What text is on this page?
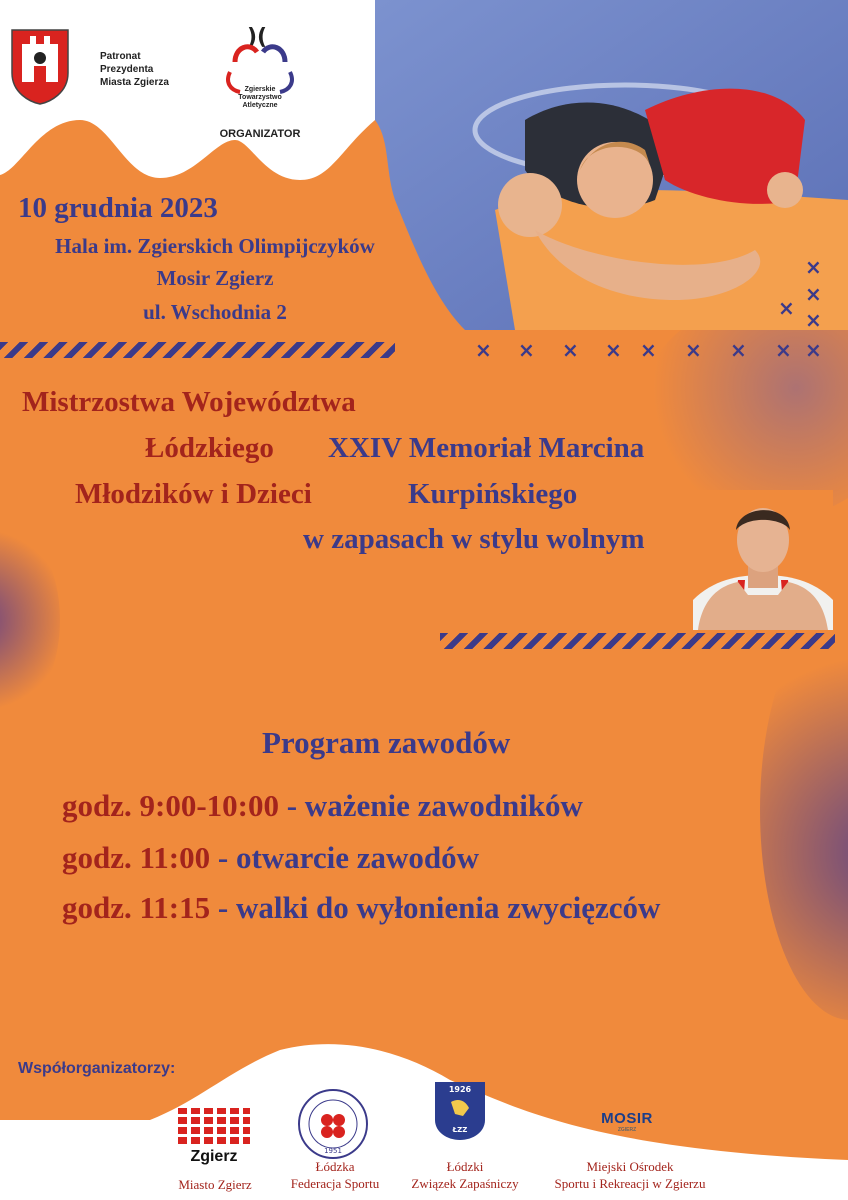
Patronat
Prezydenta
Miasta Zgierza
)(
Zgierskie
Towarzystwo
Atletyczne
ORGANIZATOR
10 grudnia 2023
Hala im. Zgierskich Olimpijczyków
Mosir Zgierz
ul. Wschodnia 2
×
×
× ×
× × × × × × × × ×
Mistrzostwa Województwa
Łódzkiego
Młodzików i Dzieci
XXIV Memoriał Marcina
Kurpińskiego
w zapasach w stylu wolnym
Program zawodów
godz. 9:00-10:00 - ważenie zawodników
godz. 11:00 - otwarcie zawodów
godz. 11:15 - walki do wyłonienia zwycięzców
Współorganizatorzy:
Zgierz	1951
1926
ŁZZ
MOSIR
ZGIERZ
Miasto Zgierz
Łódzka
Federacja Sportu
Łódzki
Związek Zapaśniczy
Miejski Ośrodek
Sportu i Rekreacji w Zgierzu
